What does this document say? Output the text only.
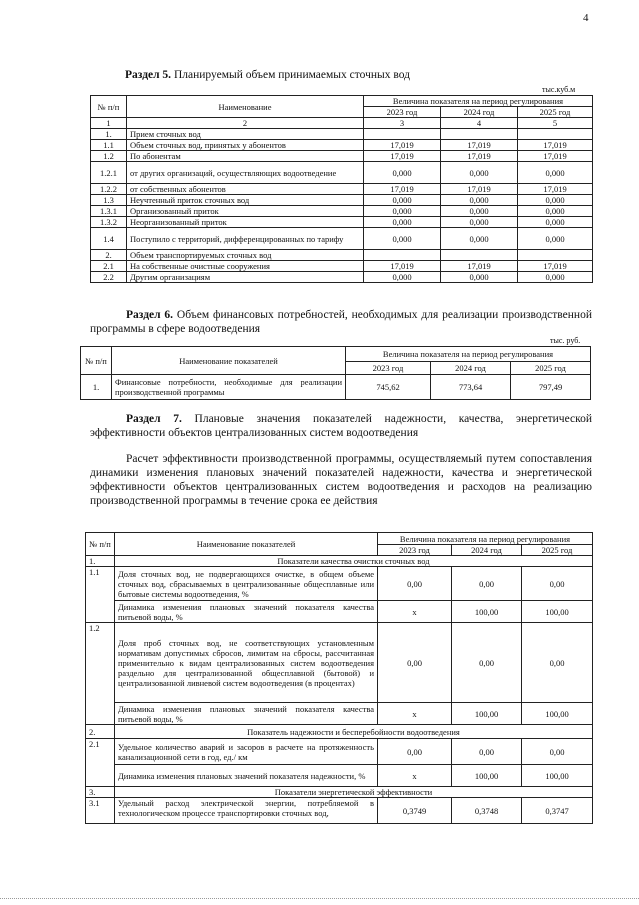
4
Раздел 5. Планируемый объем принимаемых сточных вод
тыс.куб.м
№ п/п	Наименование	Величина показателя на период регулирования		
		2023 год	2024 год	2025 год
1	2	3	4	5
1.	Прием сточных вод			
1.1	Объем сточных вод, принятых у абонентов	17,019	17,019	17,019
1.2	По абонентам	17,019	17,019	17,019
1.2.1	от других организаций, осуществляющих водоотведение	0,000	0,000	0,000
1.2.2	от собственных абонентов	17,019	17,019	17,019
1.3	Неучтенный приток сточных вод	0,000	0,000	0,000
1.3.1	Организованный приток	0,000	0,000	0,000
1.3.2	Неорганизованный приток	0,000	0,000	0,000
1.4	Поступило с территорий, дифференцированных по тарифу	0,000	0,000	0,000
2.	Объем транспортируемых сточных вод			
2.1	На собственные очистные сооружения	17,019	17,019	17,019
2.2	Другим организациям	0,000	0,000	0,000
Раздел 6. Объем финансовых потребностей, необходимых для реализации производственной программы в сфере водоотведения
тыс. руб.
№ п/п	Наименование показателей	Величина показателя на период регулирования		
		2023 год	2024 год	2025 год
1.	Финансовые потребности, необходимые для реализации производственной программы	745,62	773,64	797,49
Раздел 7. Плановые значения показателей надежности, качества, энергетической эффективности объектов централизованных систем водоотведения
Расчет эффективности производственной программы, осуществляемый путем сопоставления динамики изменения плановых значений показателей надежности, качества и энергетической эффективности объектов централизованных систем водоотведения и расходов на реализацию производственной программы в течение срока ее действия
№ п/п	Наименование показателей	Величина показателя на период регулирования		
		2023 год	2024 год	2025 год
1.	Показатели качества очистки сточных вод			
1.1	Доля сточных вод, не подвергающихся очистке, в общем объеме сточных вод, сбрасываемых в централизованные общесплавные или бытовые системы водоотведения, %	0,00	0,00	0,00
	Динамика изменения плановых значений показателя качества питьевой воды, %	х	100,00	100,00
1.2	Доля проб сточных вод, не соответствующих установленным нормативам допустимых сбросов, лимитам на сбросы, рассчитанная применительно к видам централизованных систем водоотведения раздельно для централизованной общесплавной (бытовой) и централизованной ливневой систем водоотведения (в процентах)	0,00	0,00	0,00
	Динамика изменения плановых значений показателя качества питьевой воды, %	х	100,00	100,00
2.	Показатель надежности и бесперебойности водоотведения			
2.1	Удельное количество аварий и засоров в расчете на протяженность канализационной сети в год, ед./ км	0,00	0,00	0,00
	Динамика изменения плановых значений показателя надежности, %	х	100,00	100,00
3.	Показатели энергетической эффективности			
3.1	Удельный расход электрической энергии, потребляемой в технологическом процессе транспортировки сточных вод,	0,3749	0,3748	0,3747
